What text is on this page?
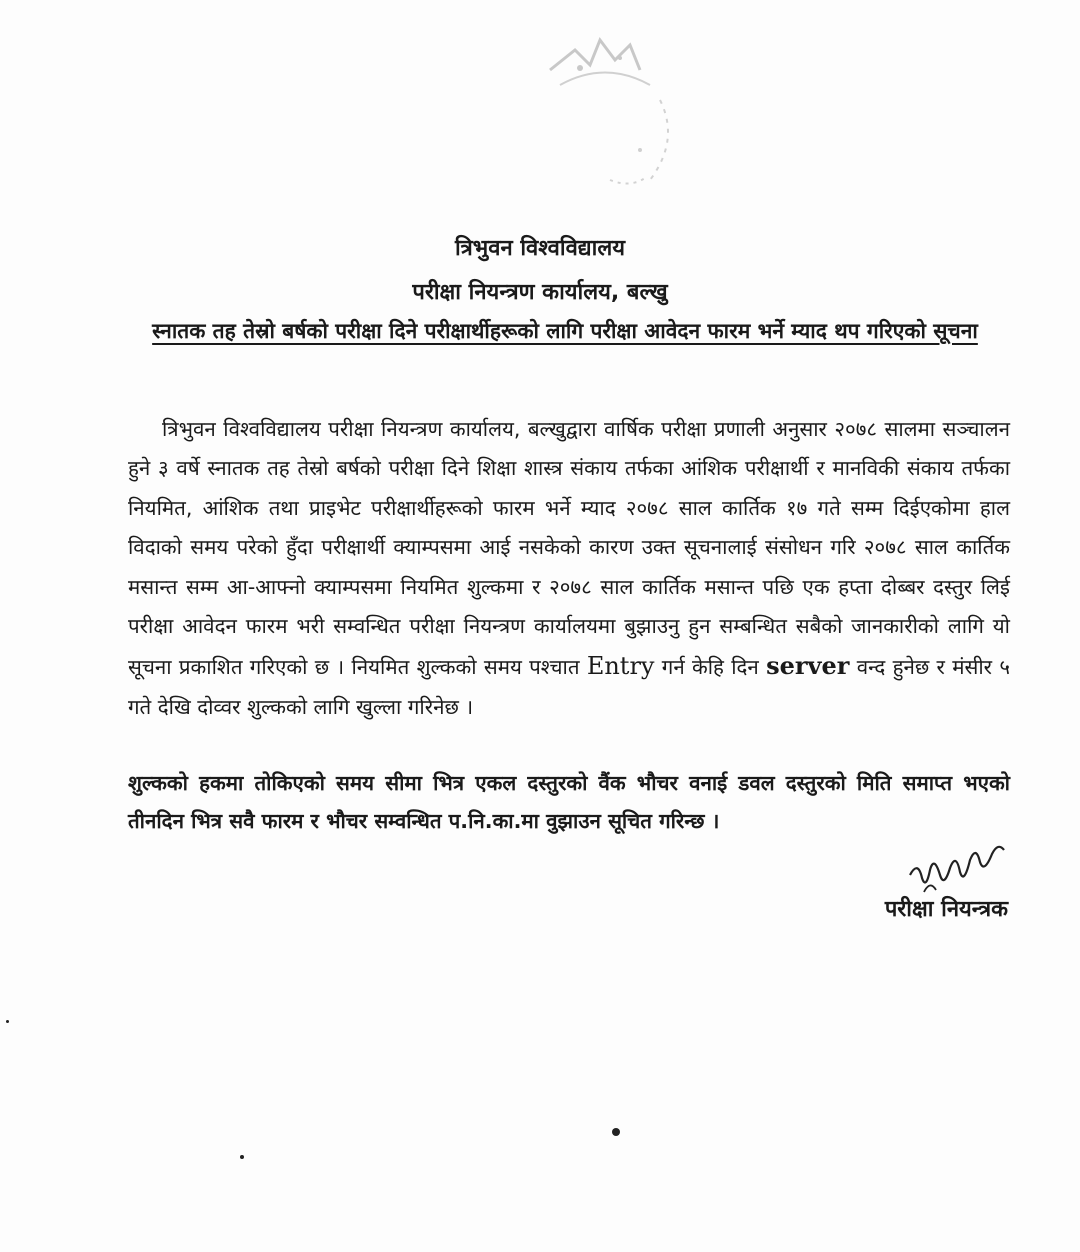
त्रिभुवन विश्वविद्यालय
परीक्षा नियन्त्रण कार्यालय, बल्खु
स्नातक तह तेस्रो बर्षको परीक्षा दिने परीक्षार्थीहरूको लागि परीक्षा आवेदन फारम भर्ने म्याद थप गरिएको सूचना

त्रिभुवन विश्वविद्यालय परीक्षा नियन्त्रण कार्यालय, बल्खुद्वारा वार्षिक परीक्षा प्रणाली अनुसार २०७८ सालमा सञ्चालन हुने ३ वर्षे स्नातक तह तेस्रो बर्षको परीक्षा दिने शिक्षा शास्त्र संकाय तर्फका आंशिक परीक्षार्थी र मानविकी संकाय तर्फका नियमित, आंशिक तथा प्राइभेट परीक्षार्थीहरूको फारम भर्ने म्याद २०७८ साल कार्तिक १७ गते सम्म दिईएकोमा हाल विदाको समय परेको हुँदा परीक्षार्थी क्याम्पसमा आई नसकेको कारण उक्त सूचनालाई संसोधन गरि २०७८ साल कार्तिक मसान्त सम्म आ-आफ्नो क्याम्पसमा नियमित शुल्कमा र २०७८ साल कार्तिक मसान्त पछि एक हप्ता दोब्बर दस्तुर लिई परीक्षा आवेदन फारम भरी सम्वन्धित परीक्षा नियन्त्रण कार्यालयमा बुझाउनु हुन सम्बन्धित सबैको जानकारीको लागि यो सूचना प्रकाशित गरिएको छ । नियमित शुल्कको समय पश्चात Entry गर्न केहि दिन server वन्द हुनेछ र मंसीर ५ गते देखि दोव्वर शुल्कको लागि खुल्ला गरिनेछ ।

शुल्कको हकमा तोकिएको समय सीमा भित्र एकल दस्तुरको वैंक भौचर वनाई डवल दस्तुरको मिति समाप्त भएको तीनदिन भित्र सवै फारम र भौचर सम्वन्धित प.नि.का.मा वुझाउन सूचित गरिन्छ ।

परीक्षा नियन्त्रक
